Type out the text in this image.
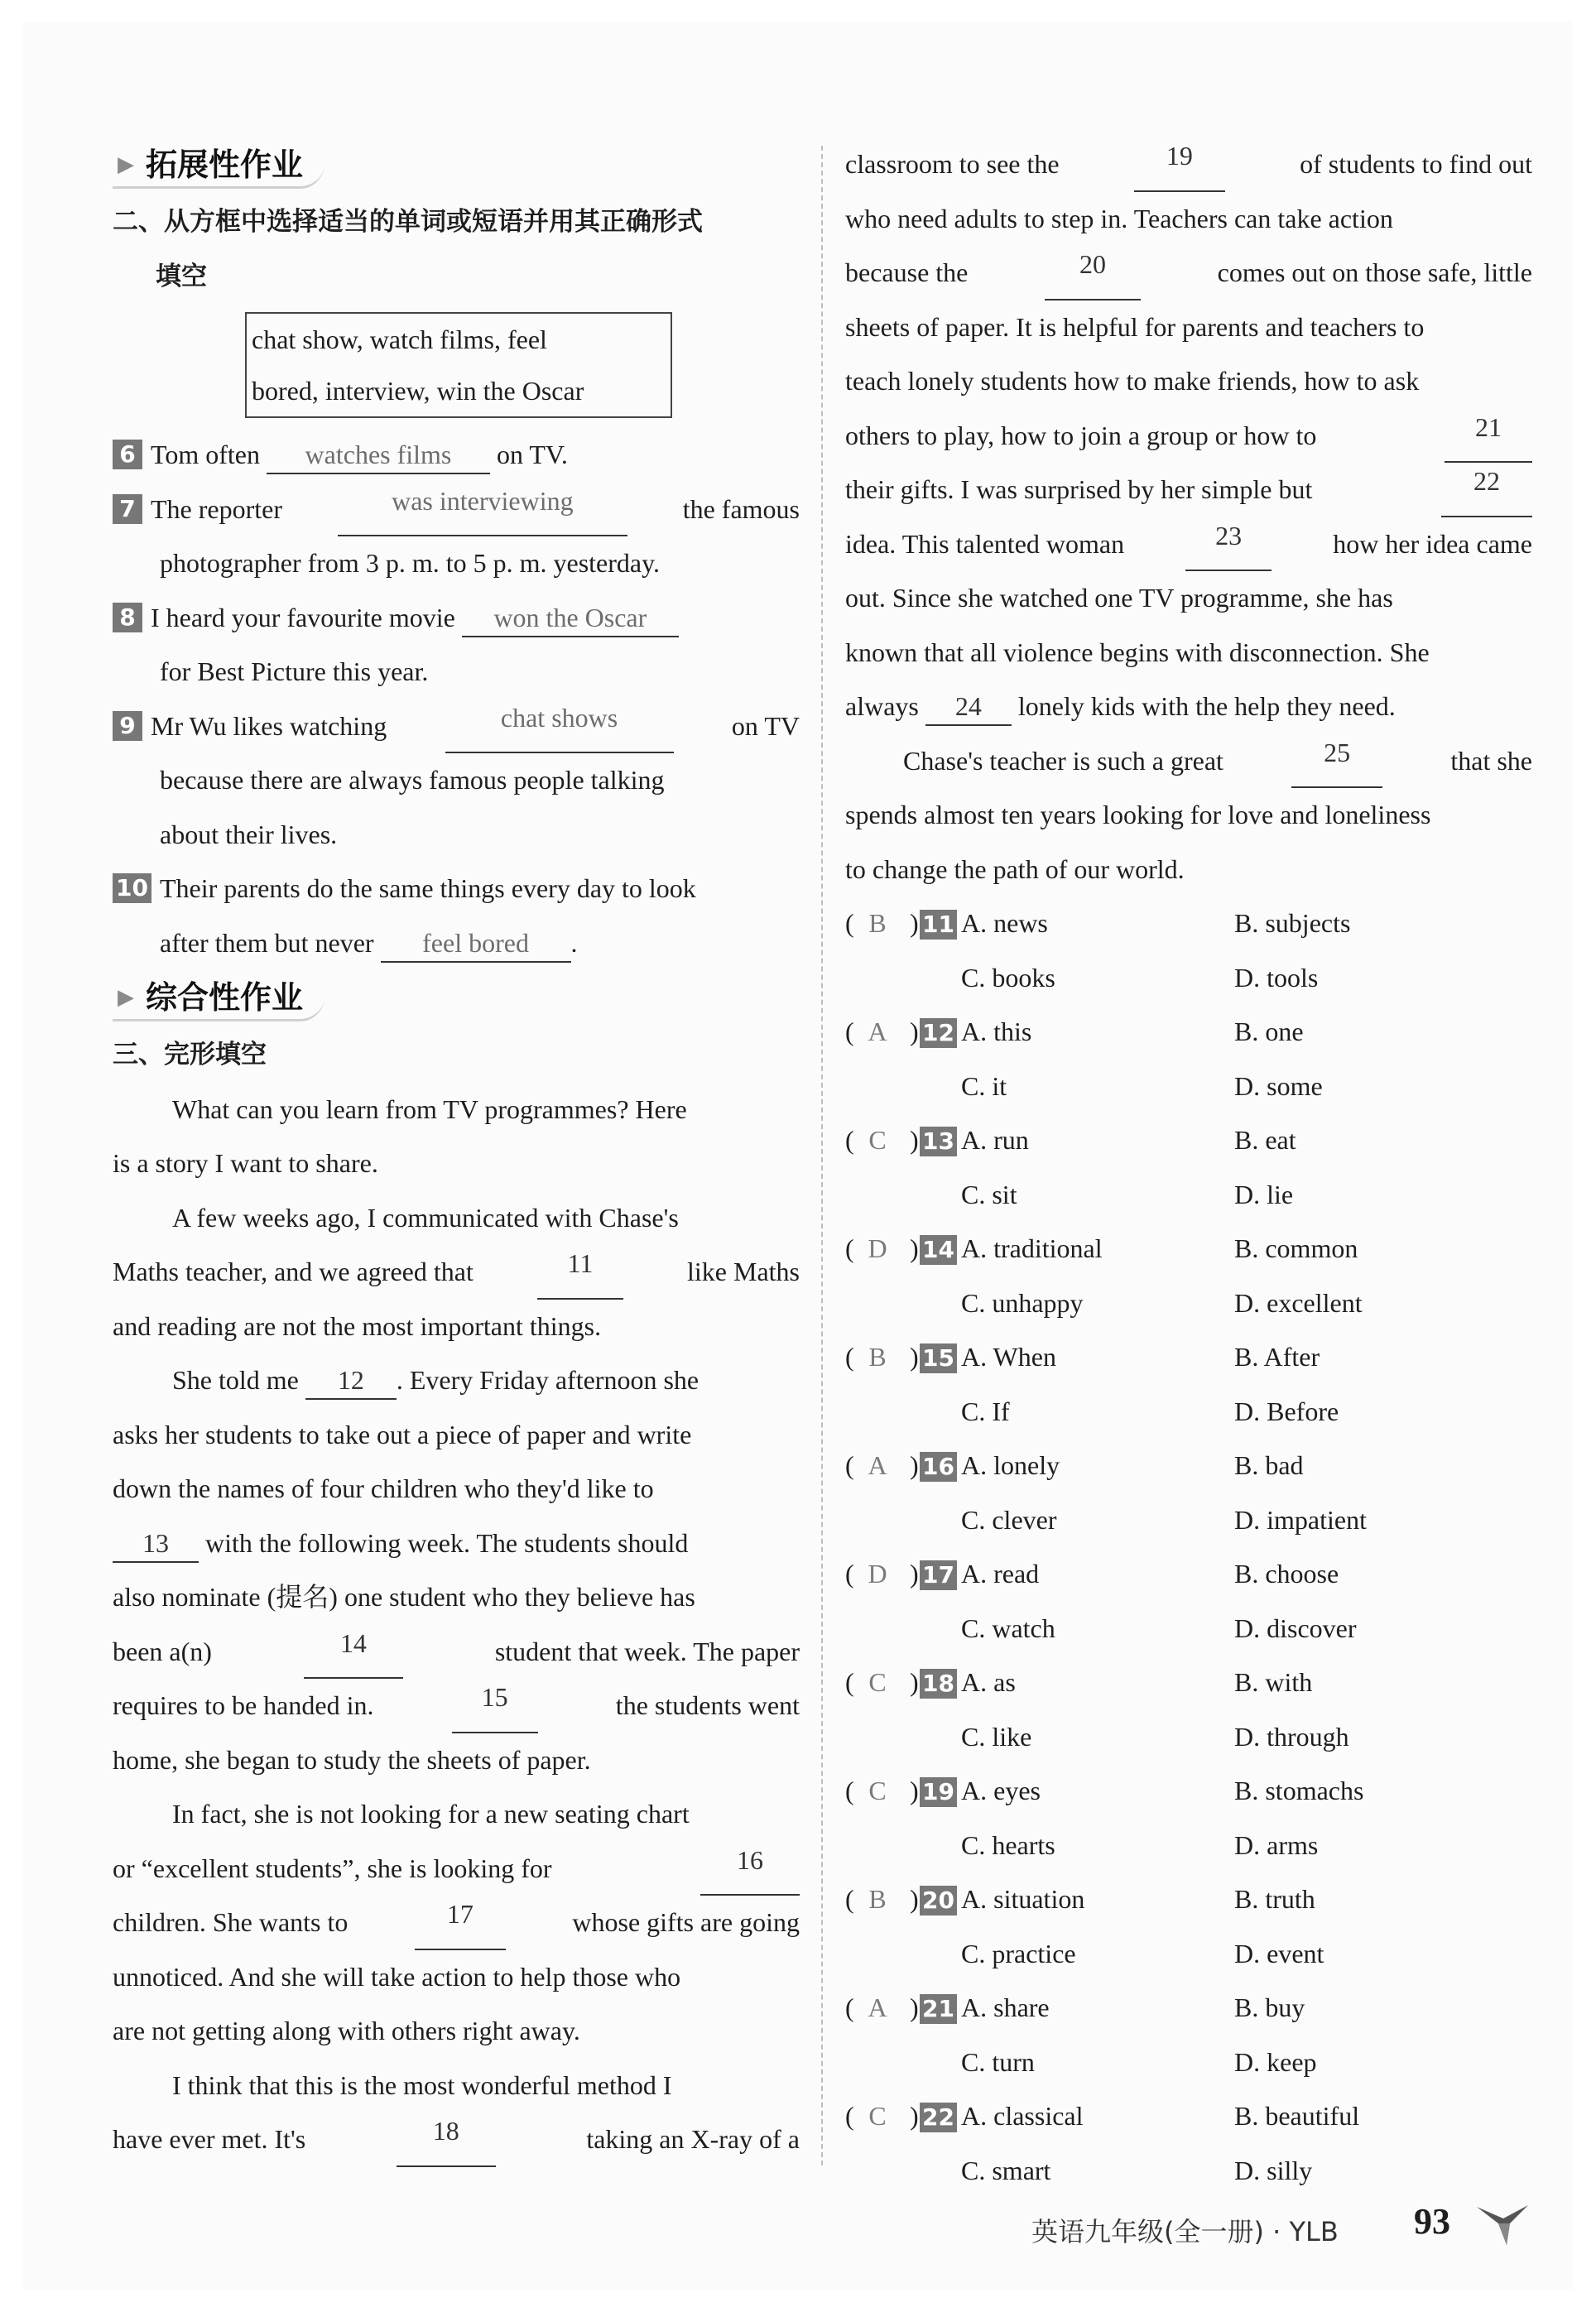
▶ 拓展性作业
二、从方框中选择适当的单词或短语并用其正确形式
填空
chat show, watch films, feel
bored, interview, win the Oscar
6 Tom often watches films on TV.
7 The reporter	was interviewing	the famous
photographer from 3 p. m. to 5 p. m. yesterday.
8 I heard your favourite movie won the Oscar
for Best Picture this year.
9 Mr Wu likes watching	chat shows	on TV
because there are always famous people talking
about their lives.
10 Their parents do the same things every day to look
after them but never feel bored .
▶ 综合性作业
三、完形填空
What can you learn from TV programmes? Here
is a story I want to share.
A few weeks ago, I communicated with Chase's
Maths teacher, and we agreed that	11	like Maths
and reading are not the most important things.
She told me 12 . Every Friday afternoon she
asks her students to take out a piece of paper and write
down the names of four children who they'd like to
13 with the following week. The students should
also nominate (提名) one student who they believe has
been a(n)	14	student that week. The paper
requires to be handed in.	15	the students went
home, she began to study the sheets of paper.
In fact, she is not looking for a new seating chart
or “excellent students”, she is looking for	16
children. She wants to	17	whose gifts are going
unnoticed. And she will take action to help those who
are not getting along with others right away.
I think that this is the most wonderful method I
have ever met. It's	18	taking an X-ray of a
classroom to see the	19	of students to find out
who need adults to step in. Teachers can take action
because the	20	comes out on those safe, little
sheets of paper. It is helpful for parents and teachers to
teach lonely students how to make friends, how to ask
others to play, how to join a group or how to	21
their gifts. I was surprised by her simple but	22
idea. This talented woman	23	how her idea came
out. Since she watched one TV programme, she has
known that all violence begins with disconnection. She
always 24 lonely kids with the help they need.
Chase's teacher is such a great	25	that she
spends almost ten years looking for love and loneliness
to change the path of our world.
( B ) 11 A. news	B. subjects
C. books	D. tools
( A ) 12 A. this	B. one
C. it	D. some
( C ) 13 A. run	B. eat
C. sit	D. lie
( D ) 14 A. traditional	B. common
C. unhappy	D. excellent
( B ) 15 A. When	B. After
C. If	D. Before
( A ) 16 A. lonely	B. bad
C. clever	D. impatient
( D ) 17 A. read	B. choose
C. watch	D. discover
( C ) 18 A. as	B. with
C. like	D. through
( C ) 19 A. eyes	B. stomachs
C. hearts	D. arms
( B ) 20 A. situation	B. truth
C. practice	D. event
( A ) 21 A. share	B. buy
C. turn	D. keep
( C ) 22 A. classical	B. beautiful
C. smart	D. silly
英语九年级(全一册) · YLB 93
